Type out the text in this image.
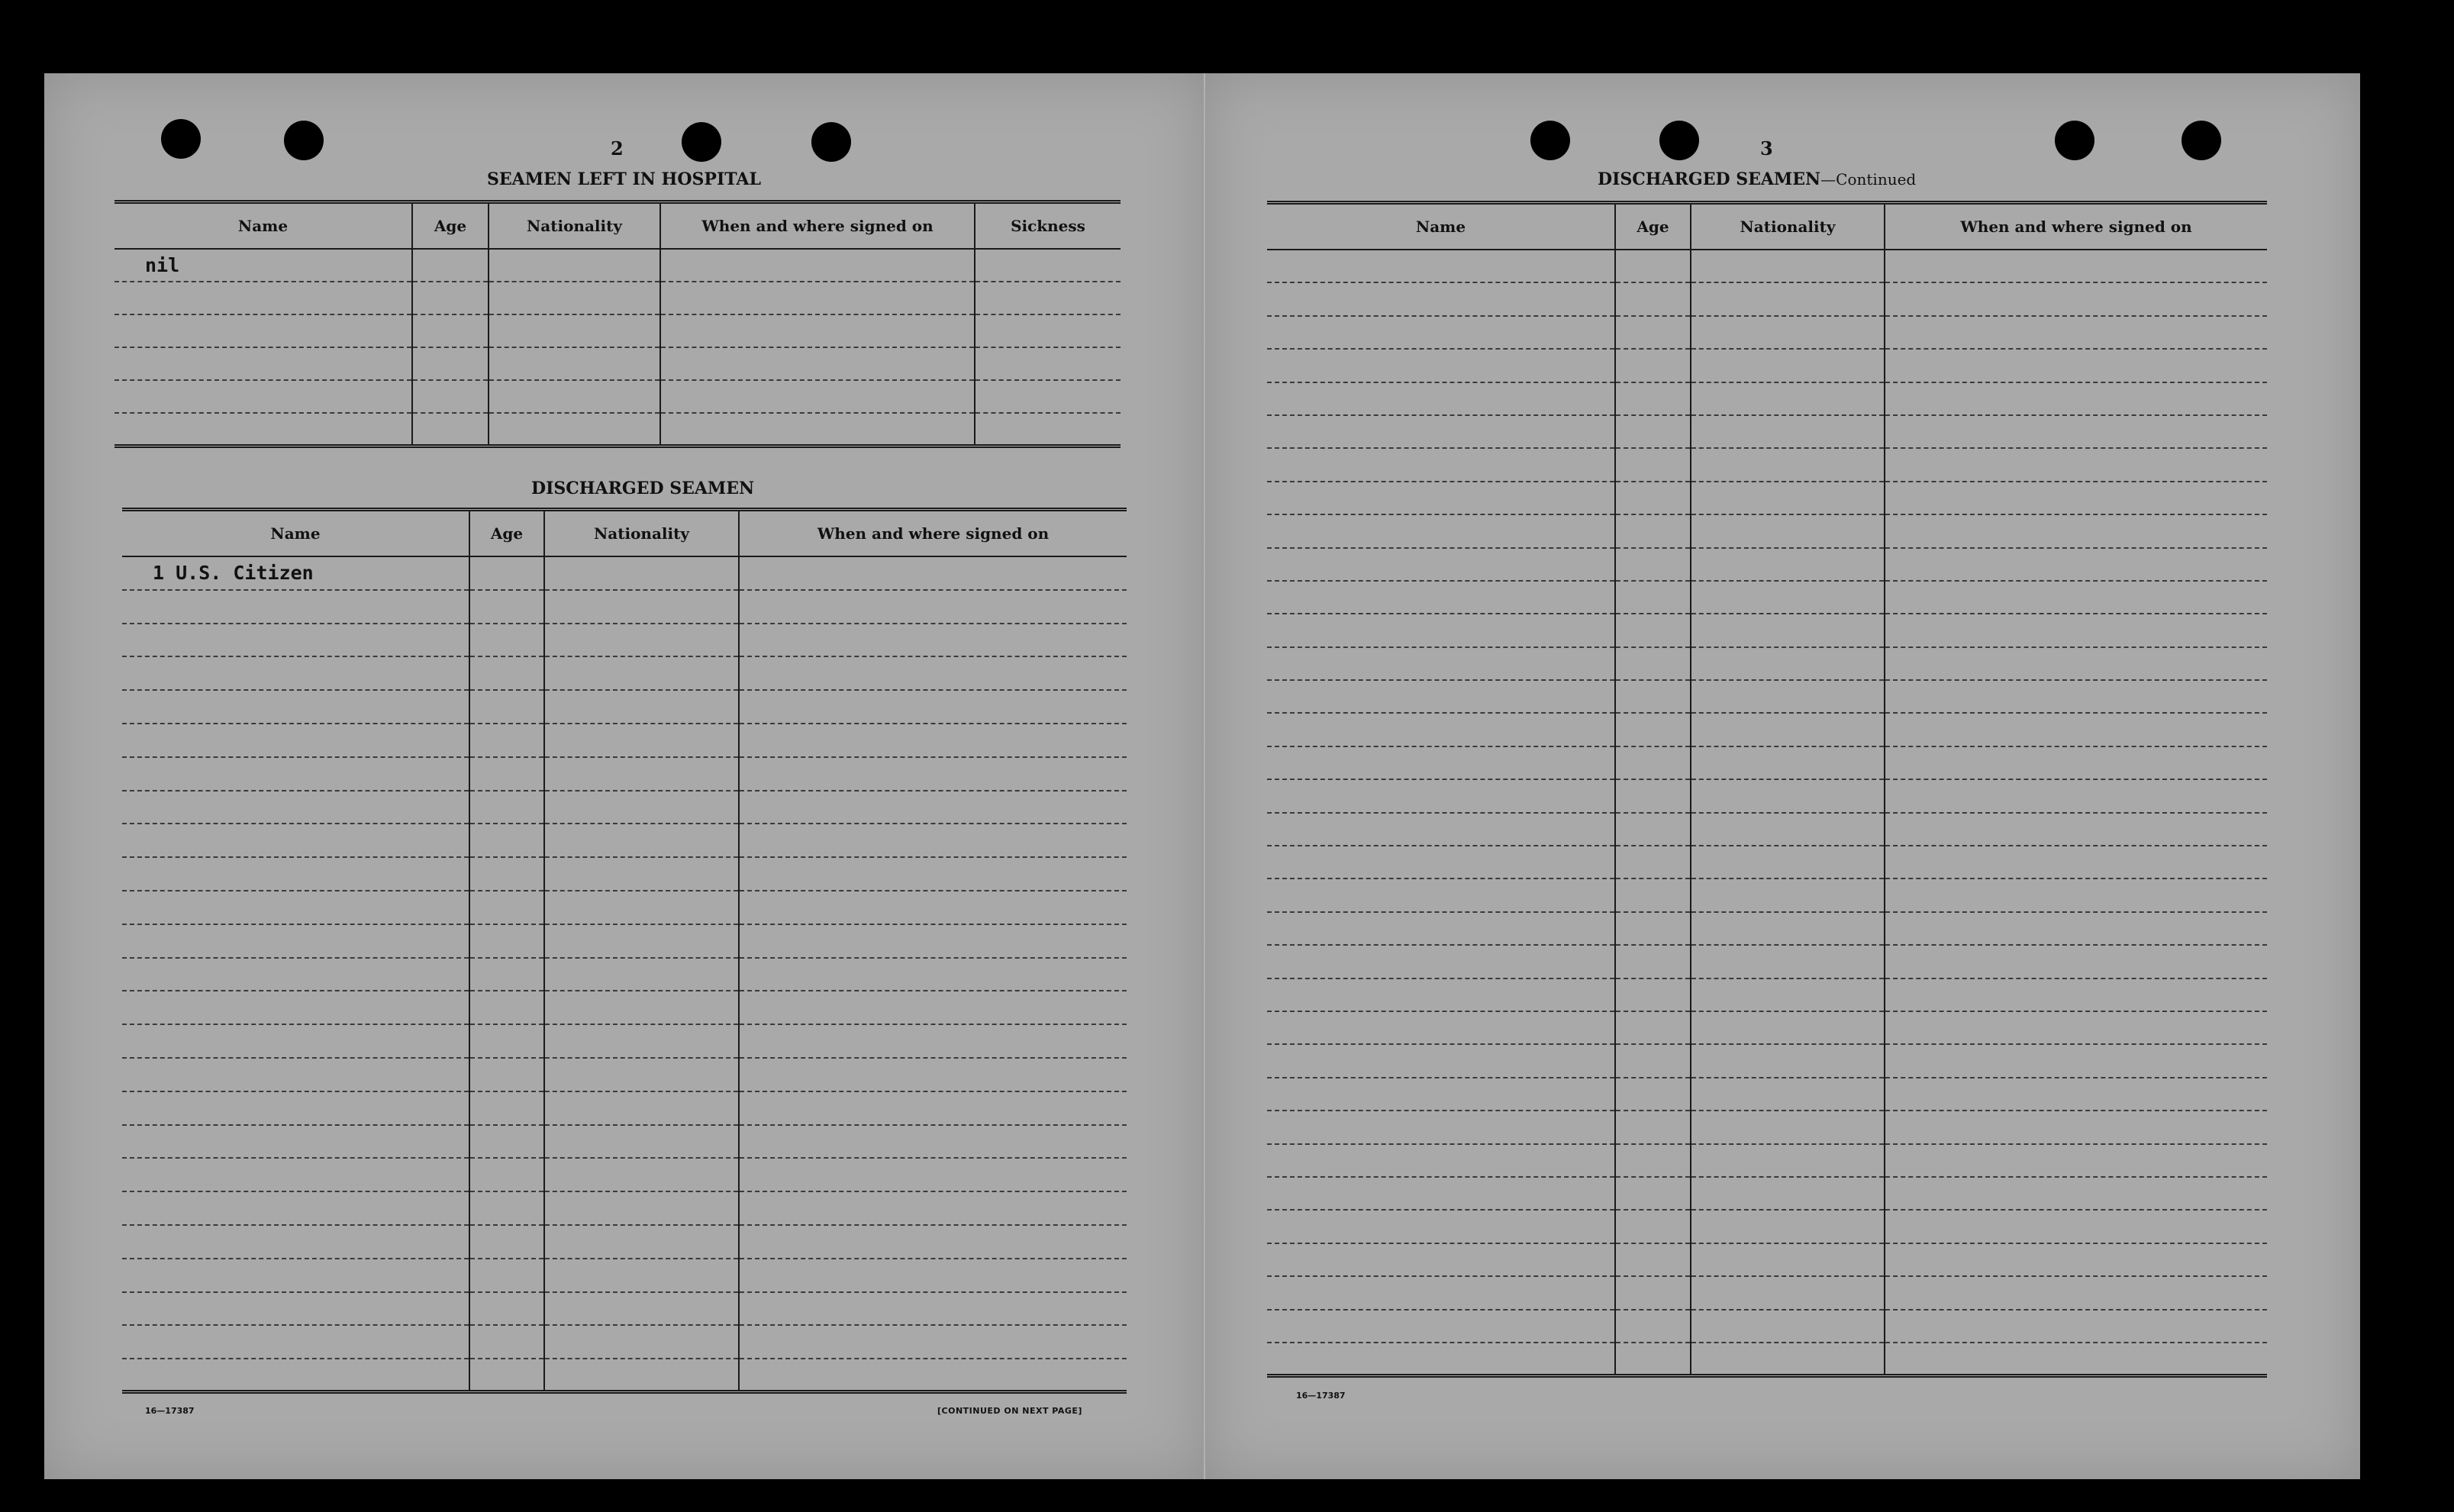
2
SEAMEN LEFT IN HOSPITAL
Name	Age	Nationality	When and where signed on	Sickness
nil				

DISCHARGED SEAMEN
Name	Age	Nationality	When and where signed on
1 U.S. Citizen			

16—17387	[CONTINUED ON NEXT PAGE]
3
DISCHARGED SEAMEN—Continued
Name	Age	Nationality	When and where signed on

16—17387
